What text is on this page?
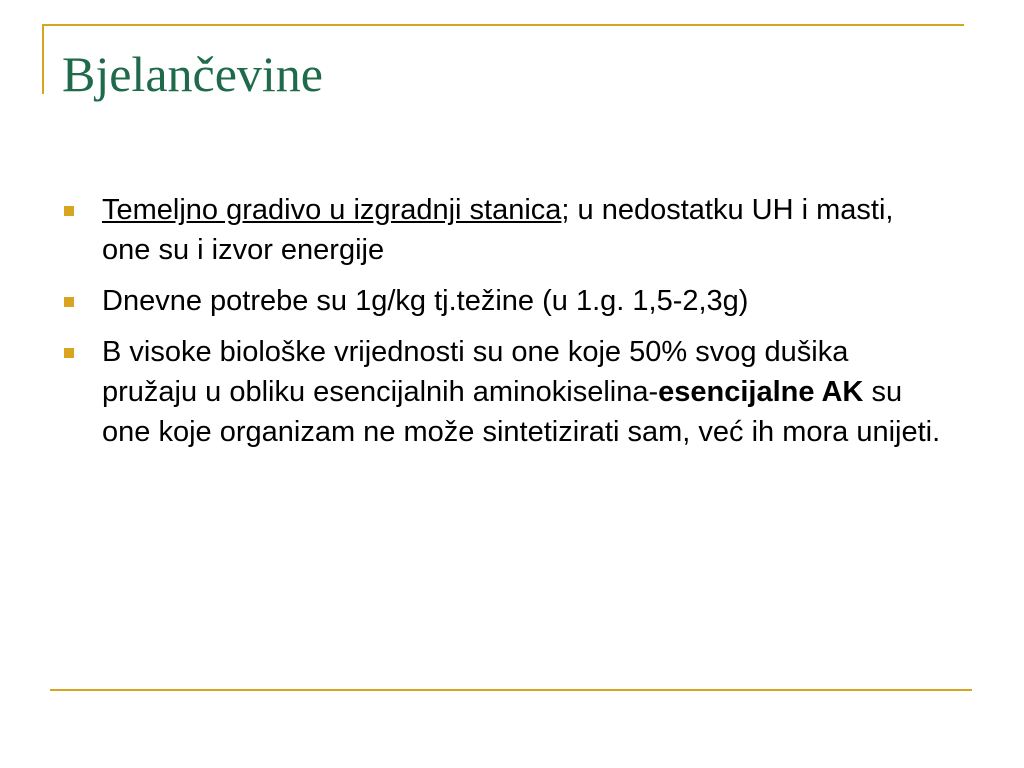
Bjelančevine
Temeljno gradivo u izgradnji stanica; u nedostatku UH i masti, one su i izvor energije
Dnevne potrebe su 1g/kg tj.težine (u 1.g. 1,5-2,3g)
B visoke biološke vrijednosti su one koje 50% svog dušika pružaju u obliku esencijalnih aminokiselina-esencijalne AK su one koje organizam ne može sintetizirati sam, već ih mora unijeti.
